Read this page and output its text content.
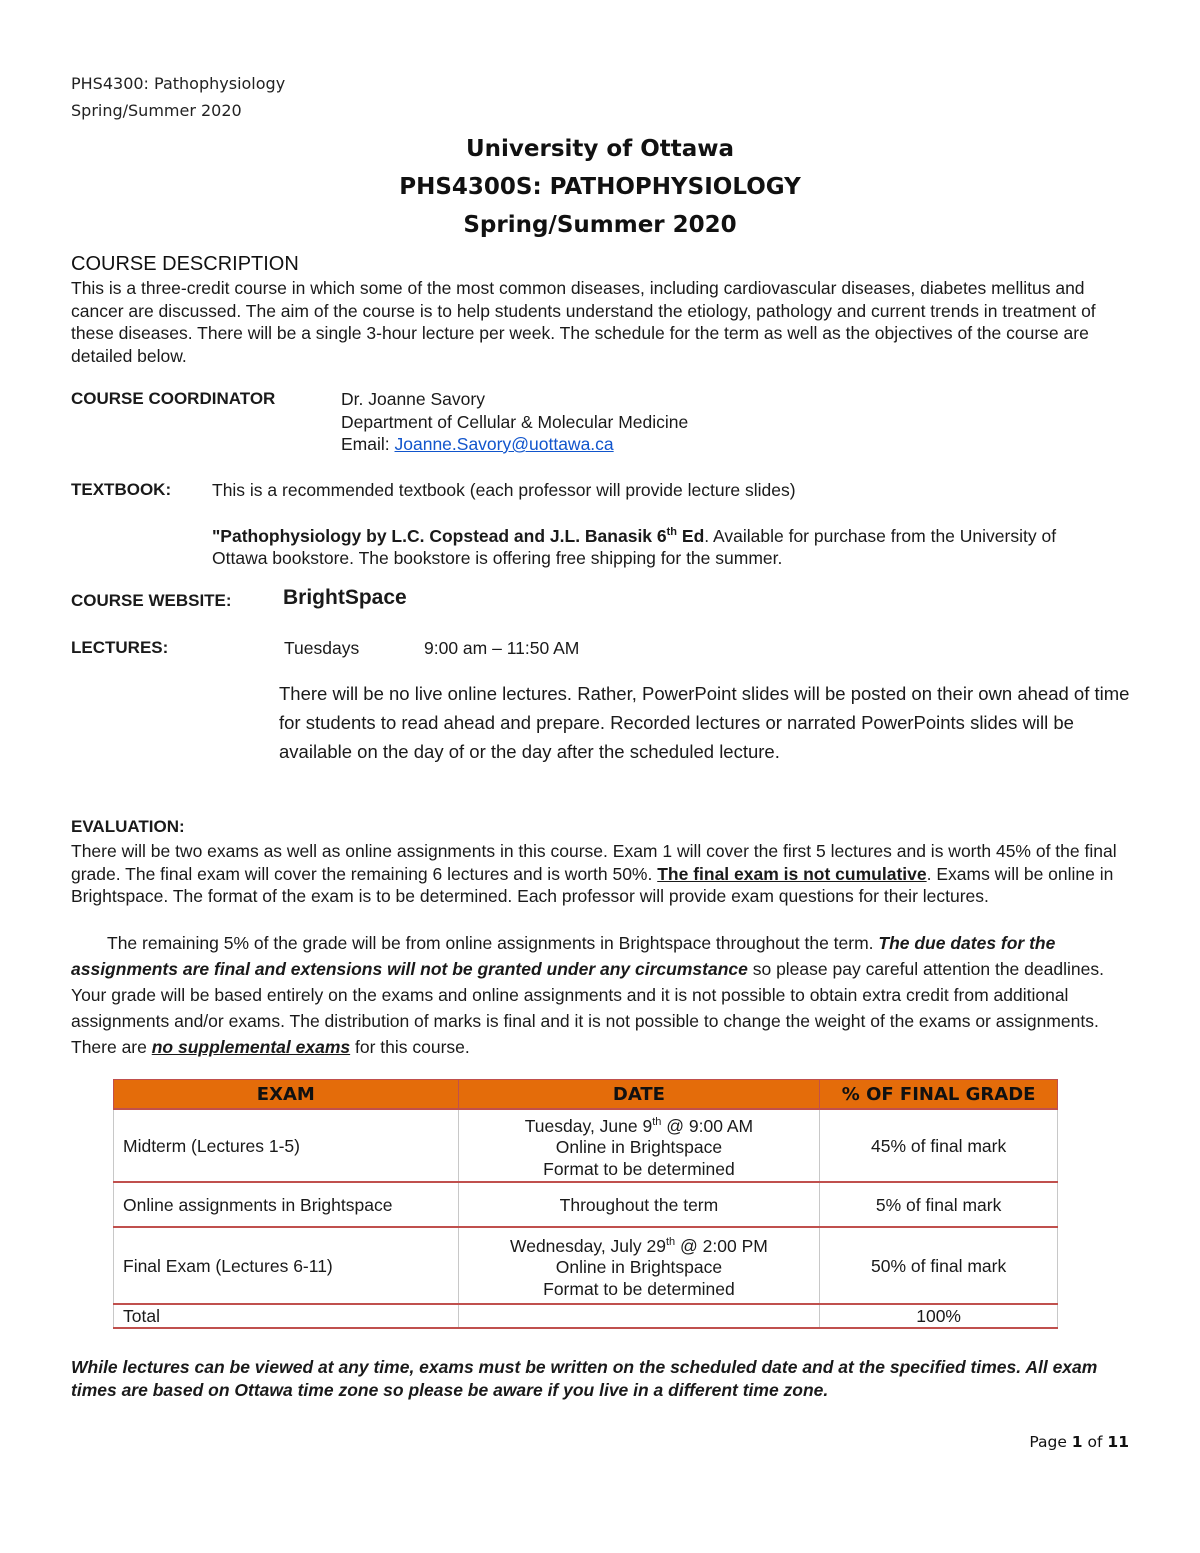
PHS4300: Pathophysiology
Spring/Summer 2020
University of Ottawa
PHS4300S: PATHOPHYSIOLOGY
Spring/Summer 2020
COURSE DESCRIPTION
This is a three-credit course in which some of the most common diseases, including cardiovascular diseases, diabetes mellitus and cancer are discussed. The aim of the course is to help students understand the etiology, pathology and current trends in treatment of these diseases. There will be a single 3-hour lecture per week. The schedule for the term as well as the objectives of the course are detailed below.
COURSE COORDINATOR	Dr. Joanne Savory
Department of Cellular & Molecular Medicine
Email: Joanne.Savory@uottawa.ca
TEXTBOOK: This is a recommended textbook (each professor will provide lecture slides)
"Pathophysiology by L.C. Copstead and J.L. Banasik 6th Ed. Available for purchase from the University of Ottawa bookstore. The bookstore is offering free shipping for the summer.
COURSE WEBSITE: BrightSpace
LECTURES:	Tuesdays	9:00 am – 11:50 AM
There will be no live online lectures. Rather, PowerPoint slides will be posted on their own ahead of time for students to read ahead and prepare. Recorded lectures or narrated PowerPoints slides will be available on the day of or the day after the scheduled lecture.
EVALUATION:
There will be two exams as well as online assignments in this course. Exam 1 will cover the first 5 lectures and is worth 45% of the final grade. The final exam will cover the remaining 6 lectures and is worth 50%. The final exam is not cumulative. Exams will be online in Brightspace. The format of the exam is to be determined. Each professor will provide exam questions for their lectures.
The remaining 5% of the grade will be from online assignments in Brightspace throughout the term. The due dates for the assignments are final and extensions will not be granted under any circumstance so please pay careful attention the deadlines. Your grade will be based entirely on the exams and online assignments and it is not possible to obtain extra credit from additional assignments and/or exams. The distribution of marks is final and it is not possible to change the weight of the exams or assignments. There are no supplemental exams for this course.
EXAM	DATE	% OF FINAL GRADE
Midterm (Lectures 1-5)	Tuesday, June 9th @ 9:00 AM
Online in Brightspace
Format to be determined	45% of final mark
Online assignments in Brightspace	Throughout the term	5% of final mark
Final Exam (Lectures 6-11)	Wednesday, July 29th @ 2:00 PM
Online in Brightspace
Format to be determined	50% of final mark
Total		100%
While lectures can be viewed at any time, exams must be written on the scheduled date and at the specified times. All exam times are based on Ottawa time zone so please be aware if you live in a different time zone.
Page 1 of 11
